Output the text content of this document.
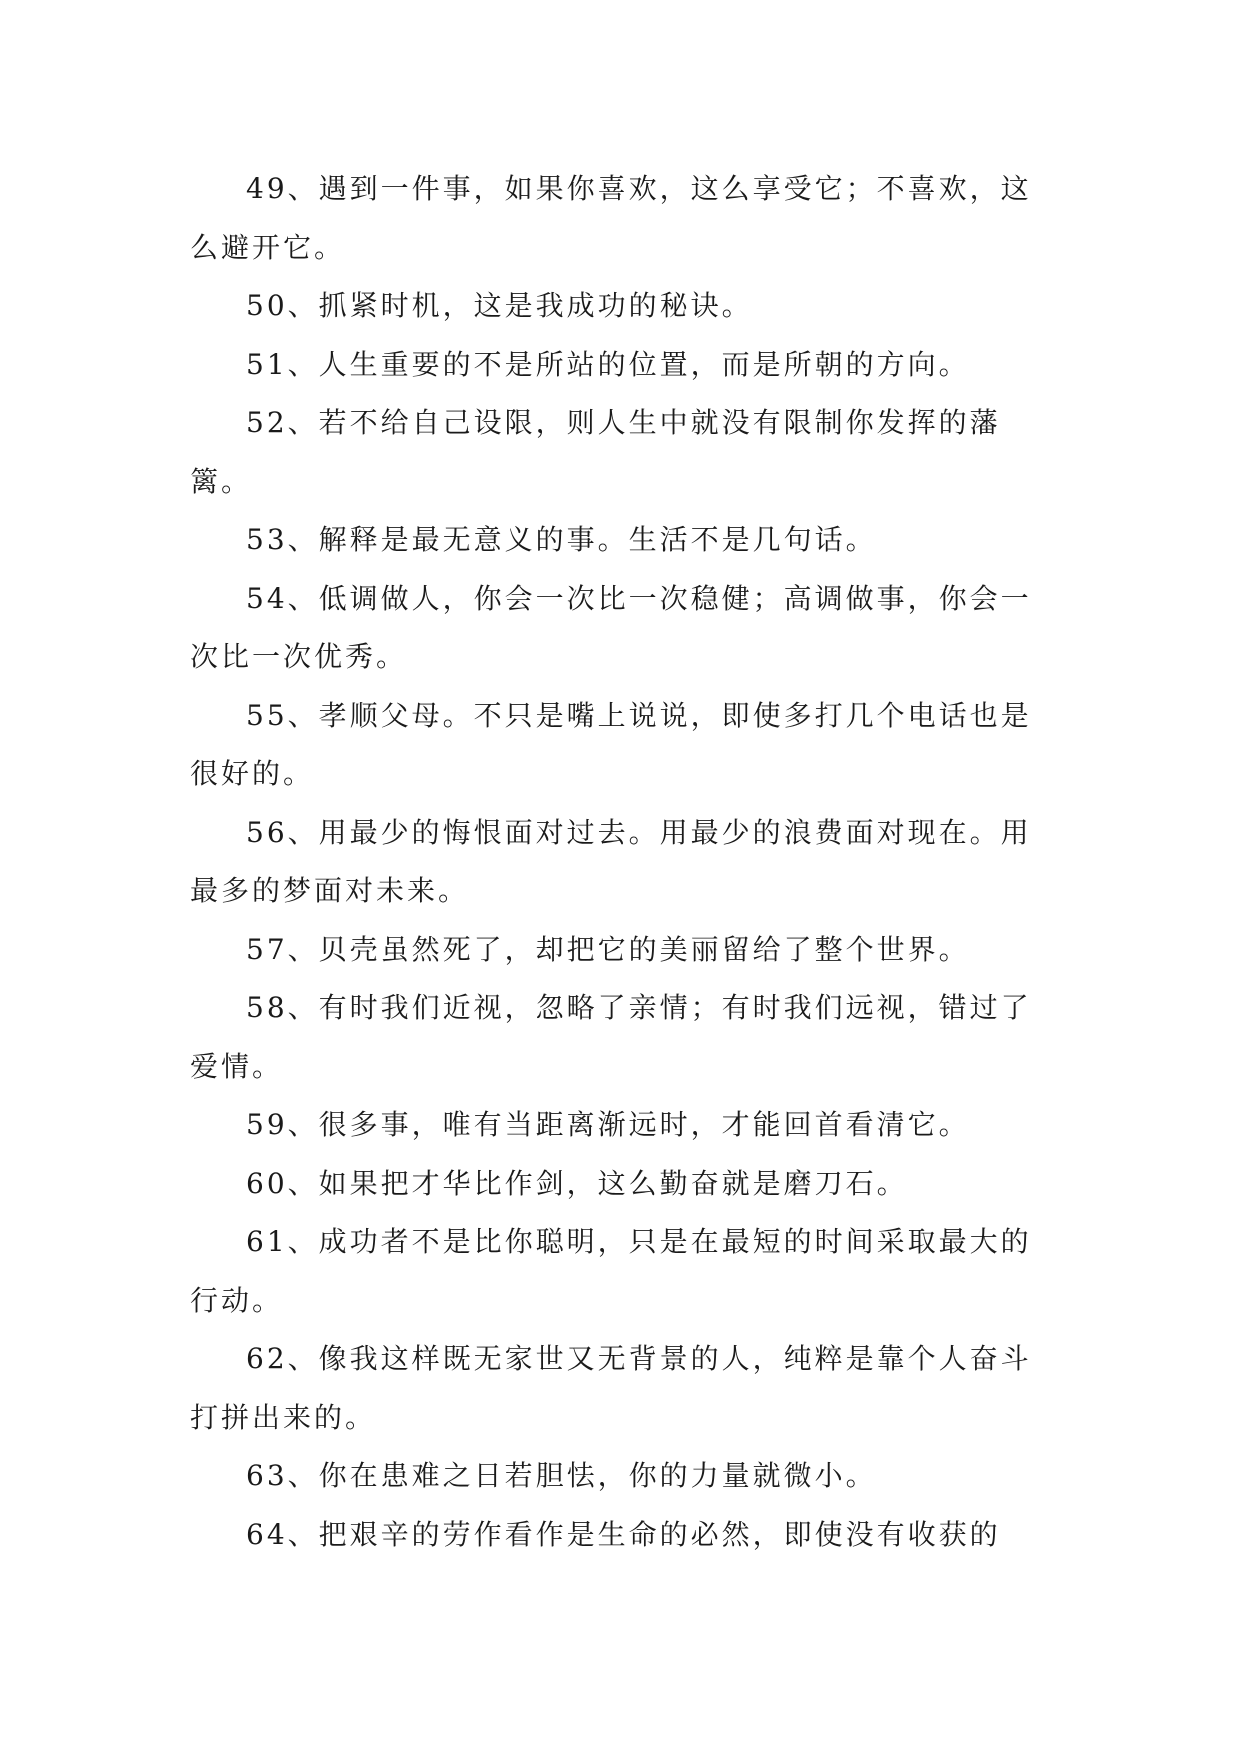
49、遇到一件事，如果你喜欢，这么享受它；不喜欢，这么避开它。

50、抓紧时机，这是我成功的秘诀。

51、人生重要的不是所站的位置，而是所朝的方向。

52、若不给自己设限，则人生中就没有限制你发挥的藩篱。

53、解释是最无意义的事。生活不是几句话。

54、低调做人，你会一次比一次稳健；高调做事，你会一次比一次优秀。

55、孝顺父母。不只是嘴上说说，即使多打几个电话也是很好的。

56、用最少的悔恨面对过去。用最少的浪费面对现在。用最多的梦面对未来。

57、贝壳虽然死了，却把它的美丽留给了整个世界。

58、有时我们近视，忽略了亲情；有时我们远视，错过了爱情。

59、很多事，唯有当距离渐远时，才能回首看清它。

60、如果把才华比作剑，这么勤奋就是磨刀石。

61、成功者不是比你聪明，只是在最短的时间采取最大的行动。

62、像我这样既无家世又无背景的人，纯粹是靠个人奋斗打拼出来的。

63、你在患难之日若胆怯，你的力量就微小。

64、把艰辛的劳作看作是生命的必然，即使没有收获的
